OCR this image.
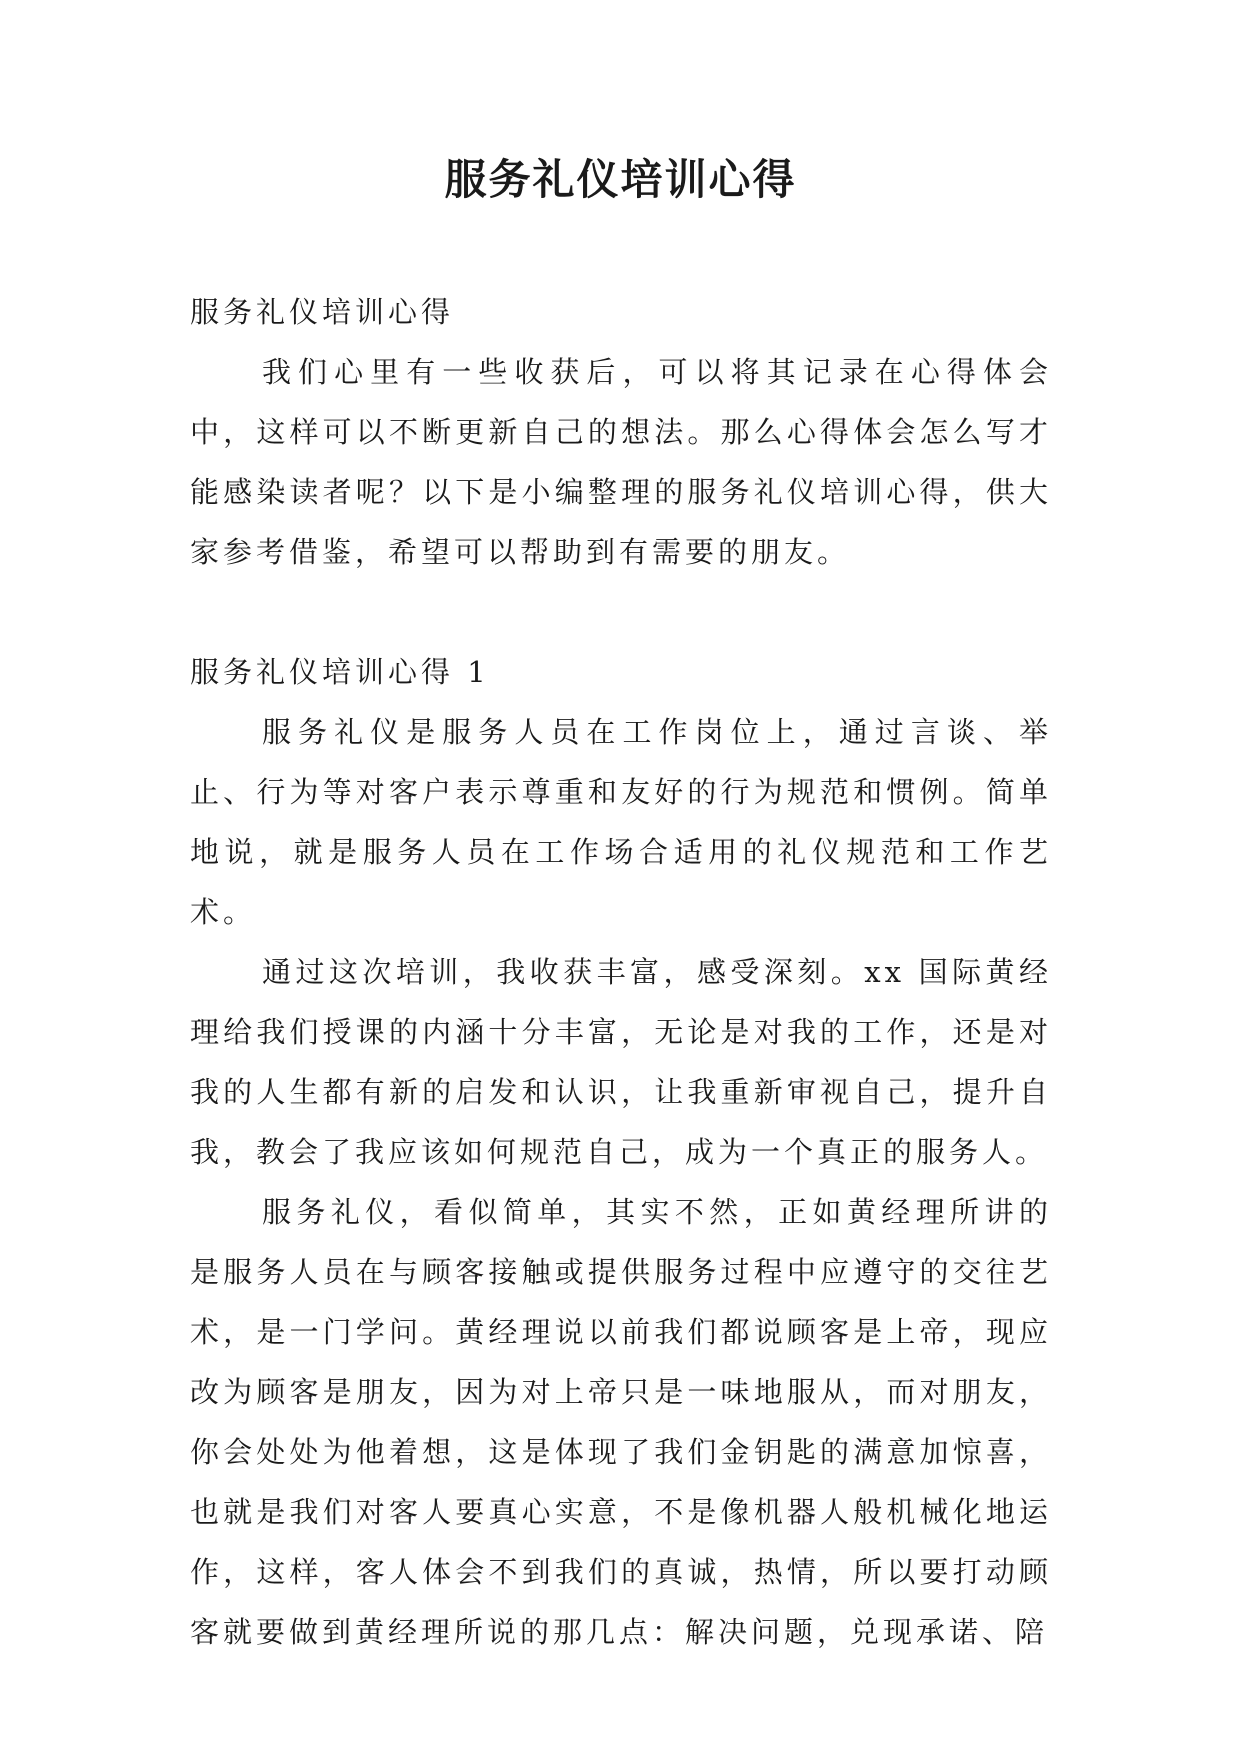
服务礼仪培训心得

服务礼仪培训心得

我们心里有一些收获后，可以将其记录在心得体会中，这样可以不断更新自己的想法。那么心得体会怎么写才能感染读者呢？以下是小编整理的服务礼仪培训心得，供大家参考借鉴，希望可以帮助到有需要的朋友。

服务礼仪培训心得 1

服务礼仪是服务人员在工作岗位上，通过言谈、举止、行为等对客户表示尊重和友好的行为规范和惯例。简单地说，就是服务人员在工作场合适用的礼仪规范和工作艺术。

通过这次培训，我收获丰富，感受深刻。xx 国际黄经理给我们授课的内涵十分丰富，无论是对我的工作，还是对我的人生都有新的启发和认识，让我重新审视自己，提升自我，教会了我应该如何规范自己，成为一个真正的服务人。

服务礼仪，看似简单，其实不然，正如黄经理所讲的是服务人员在与顾客接触或提供服务过程中应遵守的交往艺术，是一门学问。黄经理说以前我们都说顾客是上帝，现应改为顾客是朋友，因为对上帝只是一味地服从，而对朋友，你会处处为他着想，这是体现了我们金钥匙的满意加惊喜，也就是我们对客人要真心实意，不是像机器人般机械化地运作，这样，客人体会不到我们的真诚，热情，所以要打动顾客就要做到黄经理所说的那几点：解决问题，兑现承诺、陪
